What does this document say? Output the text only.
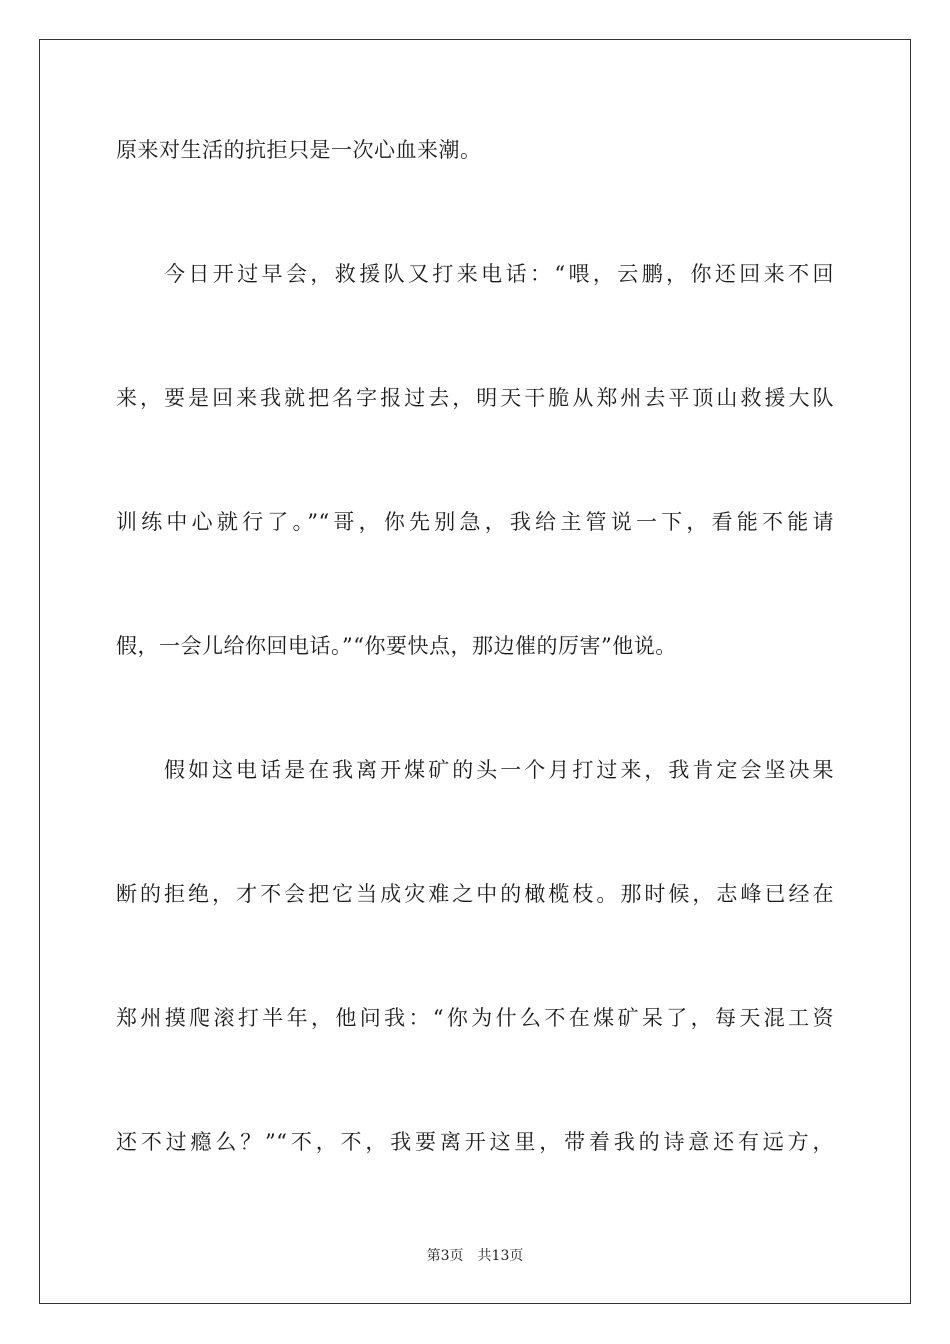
原来对生活的抗拒只是一次心血来潮。
今日开过早会，救援队又打来电话：“喂，云鹏，你还回来不回
来，要是回来我就把名字报过去，明天干脆从郑州去平顶山救援大队
训练中心就行了。”“哥，你先别急，我给主管说一下，看能不能请
假，一会儿给你回电话。”“你要快点，那边催的厉害”他说。
假如这电话是在我离开煤矿的头一个月打过来，我肯定会坚决果
断的拒绝，才不会把它当成灾难之中的橄榄枝。那时候，志峰已经在
郑州摸爬滚打半年，他问我：“你为什么不在煤矿呆了，每天混工资
还不过瘾么？”“不，不，我要离开这里，带着我的诗意还有远方，
第3页　共13页
